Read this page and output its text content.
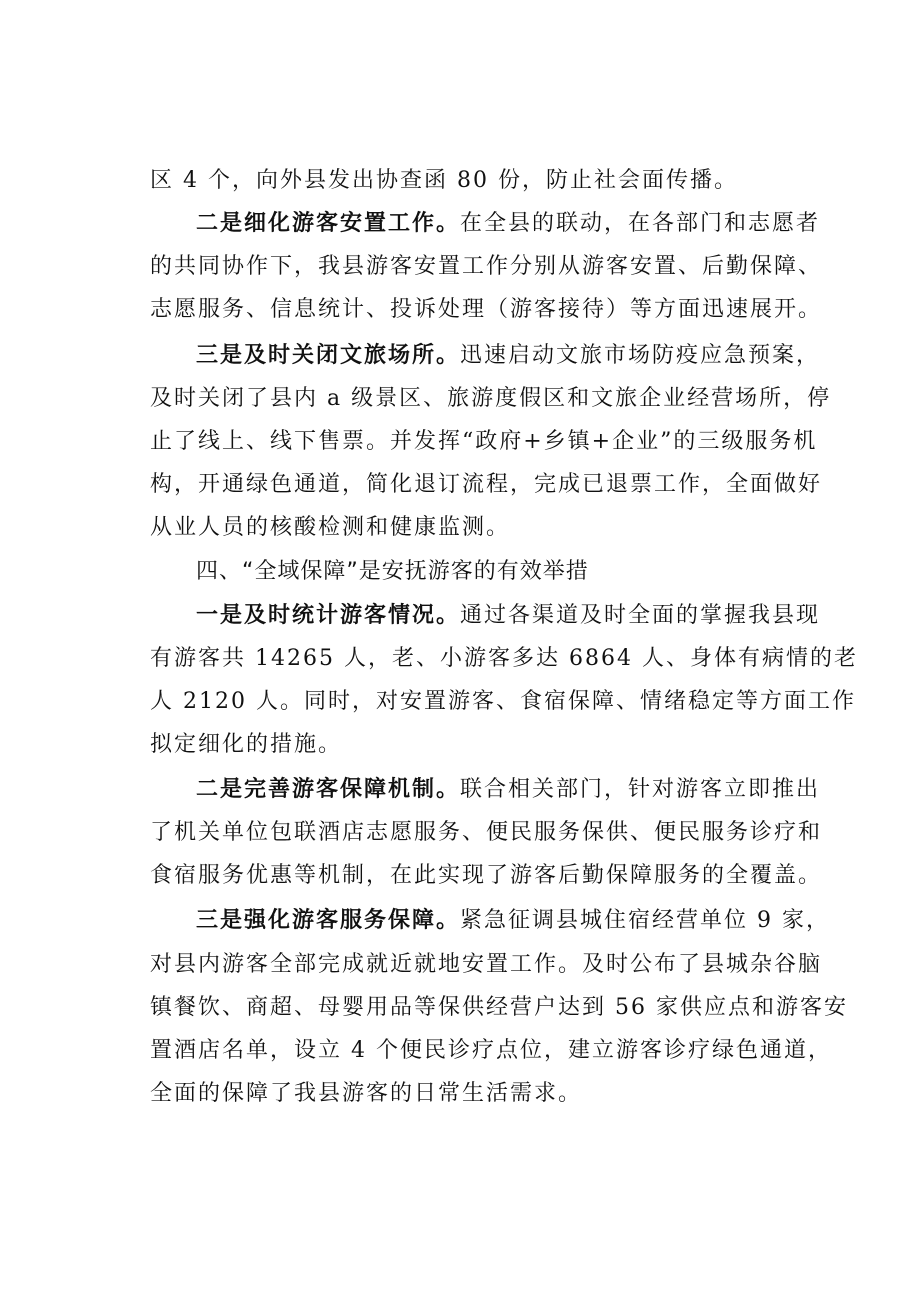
区 4 个，向外县发出协查函 80 份，防止社会面传播。
二是细化游客安置工作。在全县的联动，在各部门和志愿者
的共同协作下，我县游客安置工作分别从游客安置、后勤保障、
志愿服务、信息统计、投诉处理（游客接待）等方面迅速展开。
三是及时关闭文旅场所。迅速启动文旅市场防疫应急预案，
及时关闭了县内 a 级景区、旅游度假区和文旅企业经营场所，停
止了线上、线下售票。并发挥“政府+乡镇+企业”的三级服务机
构，开通绿色通道，简化退订流程，完成已退票工作，全面做好
从业人员的核酸检测和健康监测。
四、“全域保障”是安抚游客的有效举措
一是及时统计游客情况。通过各渠道及时全面的掌握我县现
有游客共 14265 人，老、小游客多达 6864 人、身体有病情的老
人 2120 人。同时，对安置游客、食宿保障、情绪稳定等方面工作
拟定细化的措施。
二是完善游客保障机制。联合相关部门，针对游客立即推出
了机关单位包联酒店志愿服务、便民服务保供、便民服务诊疗和
食宿服务优惠等机制，在此实现了游客后勤保障服务的全覆盖。
三是强化游客服务保障。紧急征调县城住宿经营单位 9 家，
对县内游客全部完成就近就地安置工作。及时公布了县城杂谷脑
镇餐饮、商超、母婴用品等保供经营户达到 56 家供应点和游客安
置酒店名单，设立 4 个便民诊疗点位，建立游客诊疗绿色通道，
全面的保障了我县游客的日常生活需求。
